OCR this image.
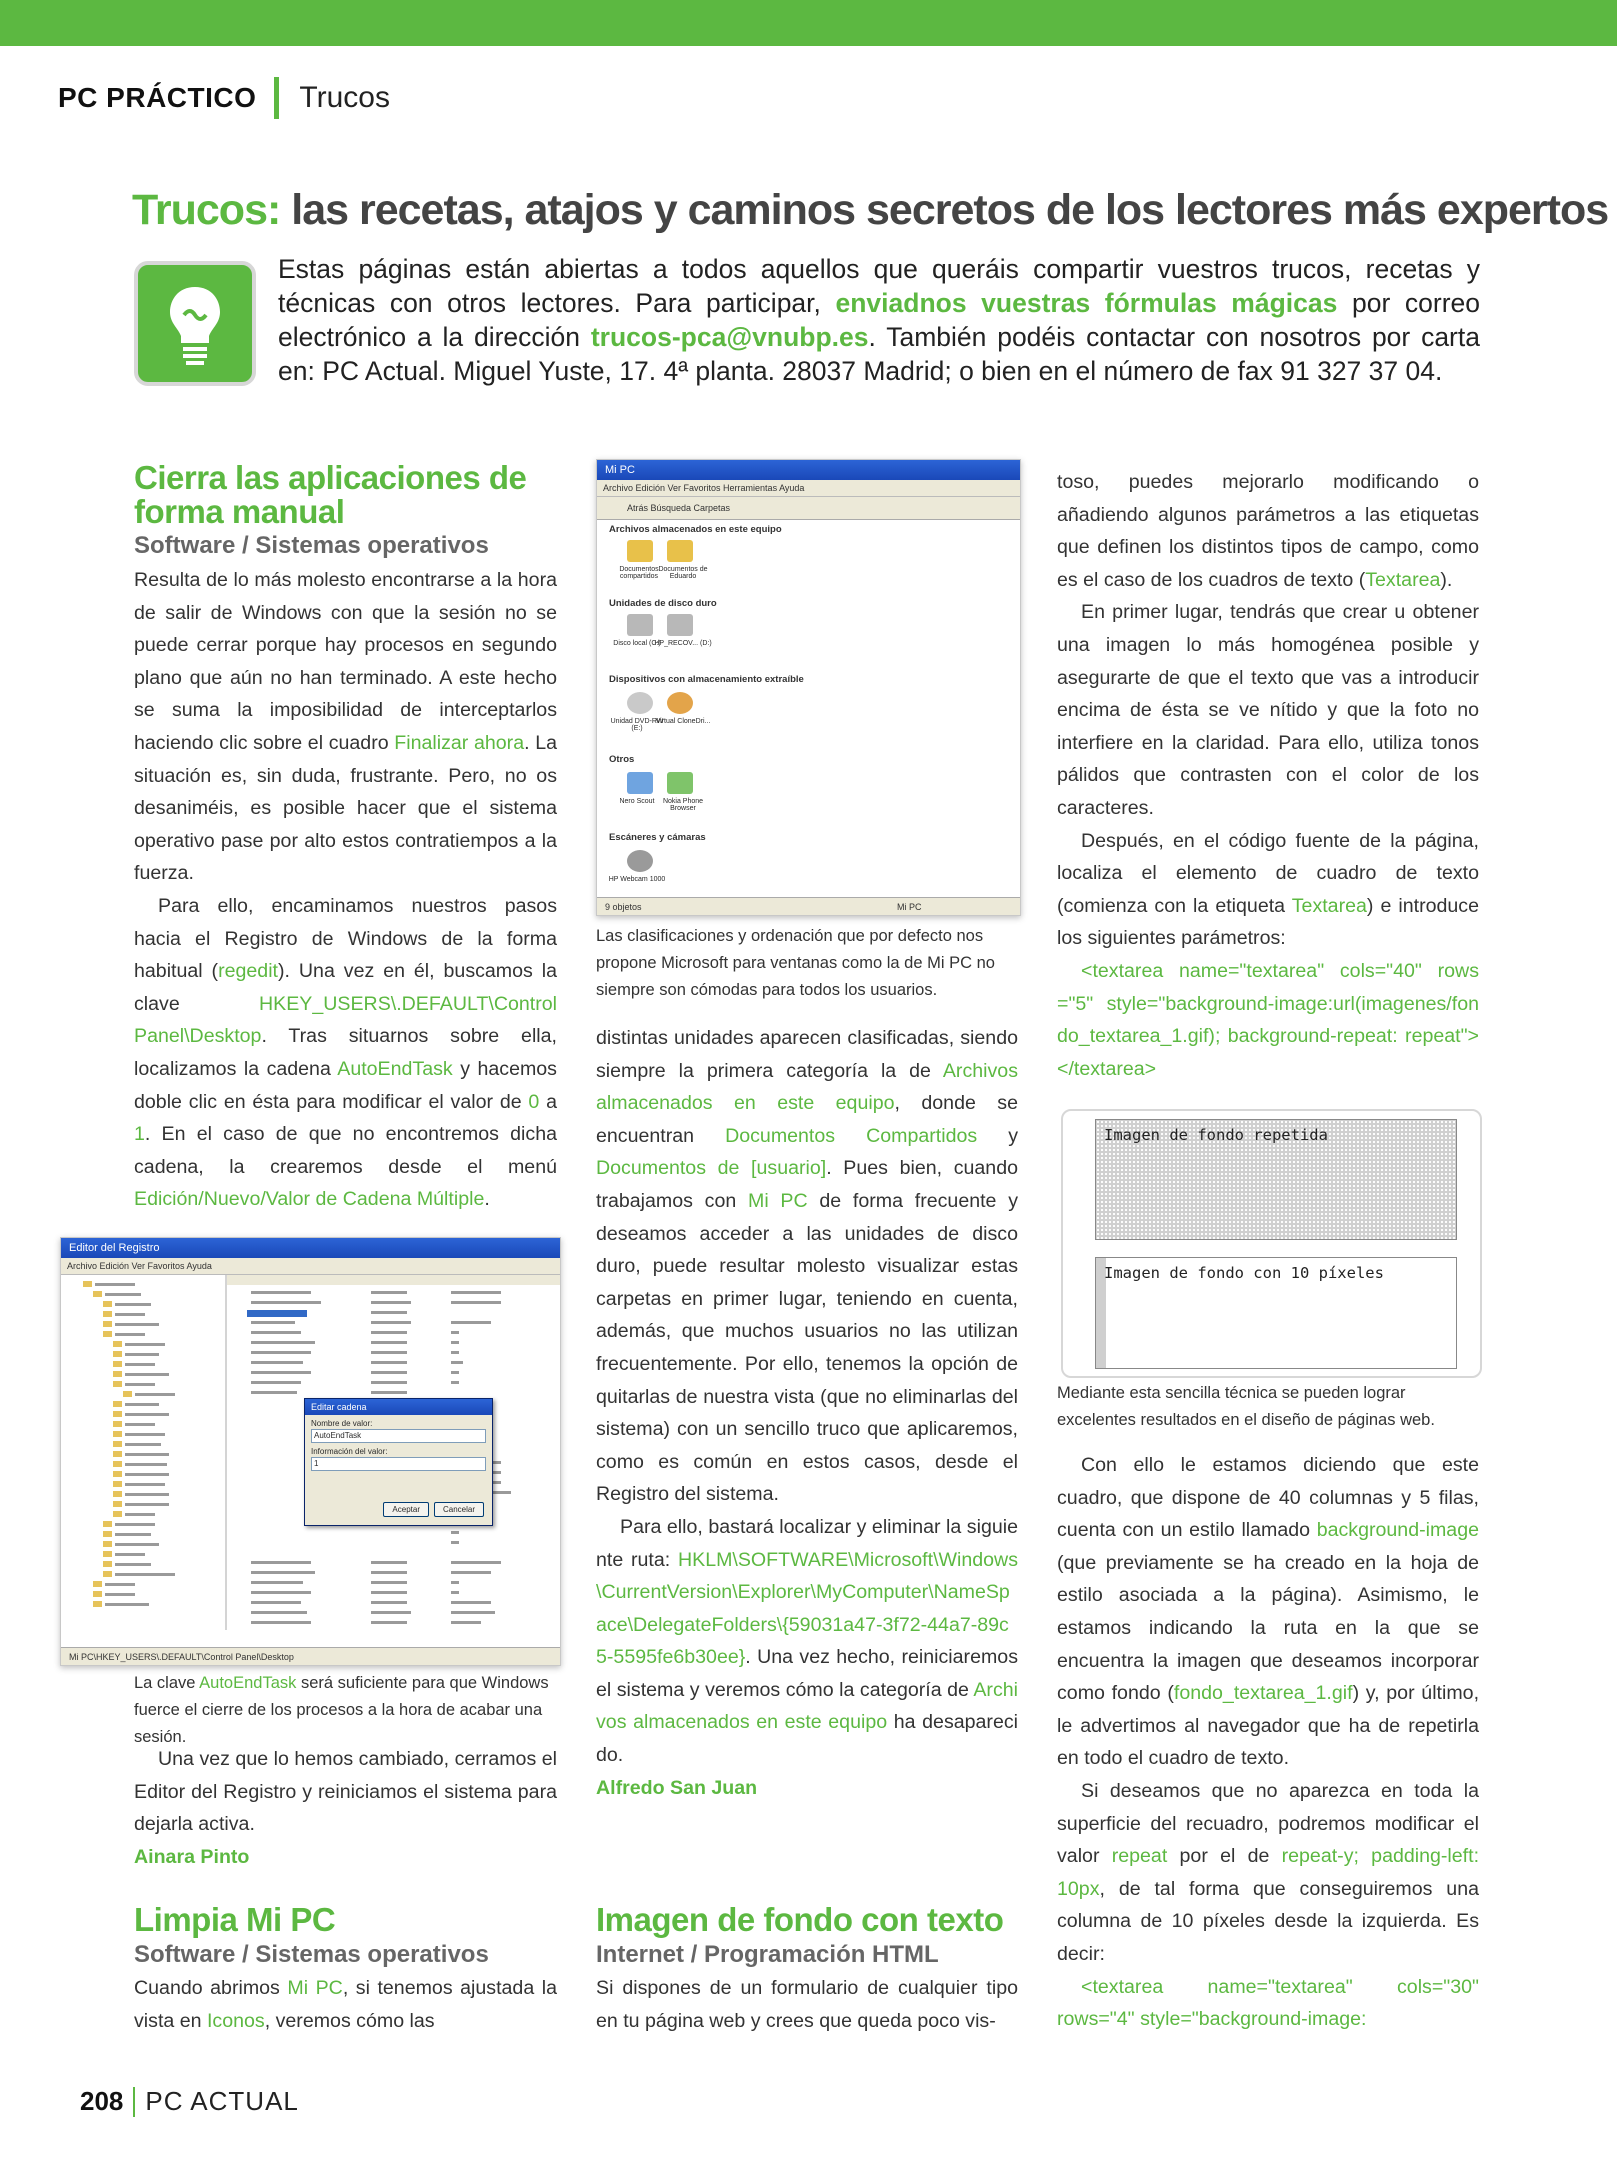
PC PRÁCTICO Trucos
Trucos: las recetas, atajos y caminos secretos de los lectores más expertos
Estas páginas están abiertas a todos aquellos que queráis compartir vuestros trucos, recetas y técnicas con otros lectores. Para participar, enviadnos vuestras fórmulas mágicas por correo electrónico a la dirección trucos-pca@vnubp.es. También podéis contactar con nosotros por carta en: PC Actual. Miguel Yuste, 17. 4ª planta. 28037 Madrid; o bien en el número de fax 91 327 37 04.
Cierra las aplicaciones de forma manual
Software / Sistemas operativos

Resulta de lo más molesto encontrarse a la hora de salir de Windows con que la sesión no se puede cerrar porque hay procesos en segundo plano que aún no han terminado. A este hecho se suma la imposibilidad de interceptarlos haciendo clic sobre el cuadro Finalizar ahora. La situación es, sin duda, frustrante. Pero, no os desaniméis, es posible hacer que el sistema operativo pase por alto estos contratiempos a la fuerza.

Para ello, encaminamos nuestros pasos hacia el Registro de Windows de la forma habitual (regedit). Una vez en él, buscamos la clave HKEY_USERS\.DEFAULT\Control Panel\Desktop. Tras situarnos sobre ella, localizamos la cadena AutoEndTask y hacemos doble clic en ésta para modificar el valor de 0 a 1. En el caso de que no encontremos dicha cadena, la crearemos desde el menú Edición/Nuevo/Valor de Cadena Múltiple.

Editor del Registro
Archivo Edición Ver Favoritos Ayuda
Editar cadena
Nombre de valor:
AutoEndTask
Información del valor:
1
Aceptar	Cancelar
Mi PC\HKEY_USERS\.DEFAULT\Control Panel\Desktop
La clave AutoEndTask será suficiente para que Windows fuerce el cierre de los procesos a la hora de acabar una sesión.

Una vez que lo hemos cambiado, cerramos el Editor del Registro y reiniciamos el sistema para dejarla activa.

Ainara Pinto

Limpia Mi PC
Software / Sistemas operativos

Cuando abrimos Mi PC, si tenemos ajustada la vista en Iconos, veremos cómo las

Mi PC
Archivo Edición Ver Favoritos Herramientas Ayuda
Atrás Búsqueda Carpetas
Archivos almacenados en este equipo
Documentos compartidos
Documentos de Eduardo
Unidades de disco duro
Disco local (C:)
HP_RECOV... (D:)
Dispositivos con almacenamiento extraíble
Unidad DVD-RW (E:)
Virtual CloneDri...
Otros
Nero Scout	Nokia Phone Browser
Escáneres y cámaras
HP Webcam 1000
9 objetos	Mi PC
Las clasificaciones y ordenación que por defecto nos propone Microsoft para ventanas como la de Mi PC no siempre son cómodas para todos los usuarios.

distintas unidades aparecen clasificadas, siendo siempre la primera categoría la de Archivos almacenados en este equipo, donde se encuentran Documentos Compartidos y Documentos de [usuario]. Pues bien, cuando trabajamos con Mi PC de forma frecuente y deseamos acceder a las unidades de disco duro, puede resultar molesto visualizar estas carpetas en primer lugar, teniendo en cuenta, además, que muchos usuarios no las utilizan frecuentemente. Por ello, tenemos la opción de quitarlas de nuestra vista (que no eliminarlas del sistema) con un sencillo truco que aplicaremos, como es común en estos casos, desde el Registro del sistema.

Para ello, bastará localizar y eliminar la siguiente ruta: HKLM\SOFTWARE\Microsoft\Windows\CurrentVersion\Explorer\MyComputer\NameSpace\DelegateFolders\{59031a47-3f72-44a7-89c5-5595fe6b30ee}. Una vez hecho, reiniciaremos el sistema y veremos cómo la categoría de Archivos almacenados en este equipo ha desaparecido.

Alfredo San Juan

Imagen de fondo con texto
Internet / Programación HTML

Si dispones de un formulario de cualquier tipo en tu página web y crees que queda poco vis-

toso, puedes mejorarlo modificando o añadiendo algunos parámetros a las etiquetas que definen los distintos tipos de campo, como es el caso de los cuadros de texto (Textarea).

En primer lugar, tendrás que crear u obtener una imagen lo más homogénea posible y asegurarte de que el texto que vas a introducir encima de ésta se ve nítido y que la foto no interfiere en la claridad. Para ello, utiliza tonos pálidos que contrasten con el color de los caracteres.

Después, en el código fuente de la página, localiza el elemento de cuadro de texto (comienza con la etiqueta Textarea) e introduce los siguientes parámetros:

<textarea name="textarea" cols="40" rows="5" style="background-image:url(imagenes/fondo_textarea_1.gif); background-repeat: repeat"></textarea>

Imagen de fondo repetida
Imagen de fondo con 10 píxeles
Mediante esta sencilla técnica se pueden lograr excelentes resultados en el diseño de páginas web.

Con ello le estamos diciendo que este cuadro, que dispone de 40 columnas y 5 filas, cuenta con un estilo llamado background-image (que previamente se ha creado en la hoja de estilo asociada a la página). Asimismo, le estamos indicando la ruta en la que se encuentra la imagen que deseamos incorporar como fondo (fondo_textarea_1.gif) y, por último, le advertimos al navegador que ha de repetirla en todo el cuadro de texto.

Si deseamos que no aparezca en toda la superficie del recuadro, podremos modificar el valor repeat por el de repeat-y; padding-left: 10px, de tal forma que conseguiremos una columna de 10 píxeles desde la izquierda. Es decir:

<textarea name="textarea" cols="30" rows="4" style="background-image:

208 PC ACTUAL
